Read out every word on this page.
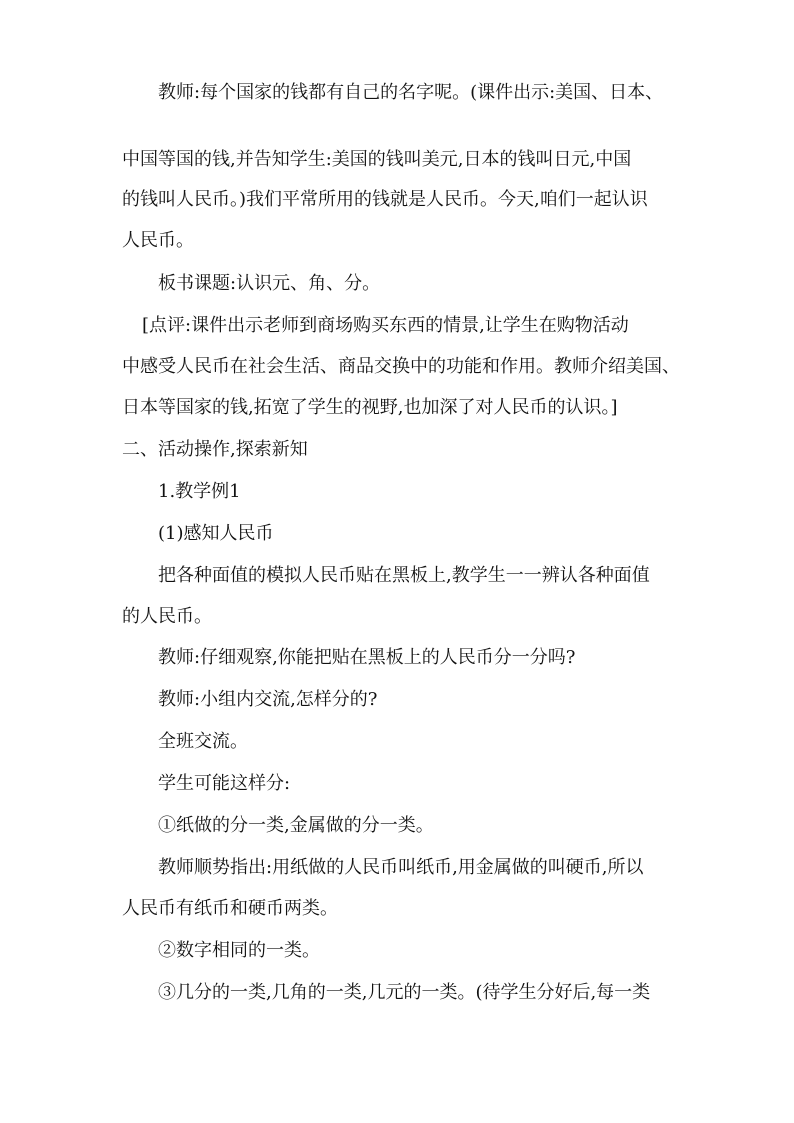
教师:每个国家的钱都有自己的名字呢。(课件出示:美国、日本、
中国等国的钱,并告知学生:美国的钱叫美元,日本的钱叫日元,中国
的钱叫人民币。)我们平常所用的钱就是人民币。今天,咱们一起认识
人民币。
板书课题:认识元、角、分。
[点评:课件出示老师到商场购买东西的情景,让学生在购物活动
中感受人民币在社会生活、商品交换中的功能和作用。教师介绍美国、
日本等国家的钱,拓宽了学生的视野,也加深了对人民币的认识。]
二、活动操作,探索新知
1.教学例1
(1)感知人民币
把各种面值的模拟人民币贴在黑板上,教学生一一辨认各种面值
的人民币。
教师:仔细观察,你能把贴在黑板上的人民币分一分吗?
教师:小组内交流,怎样分的?
全班交流。
学生可能这样分:
①纸做的分一类,金属做的分一类。
教师顺势指出:用纸做的人民币叫纸币,用金属做的叫硬币,所以
人民币有纸币和硬币两类。
②数字相同的一类。
③几分的一类,几角的一类,几元的一类。(待学生分好后,每一类
